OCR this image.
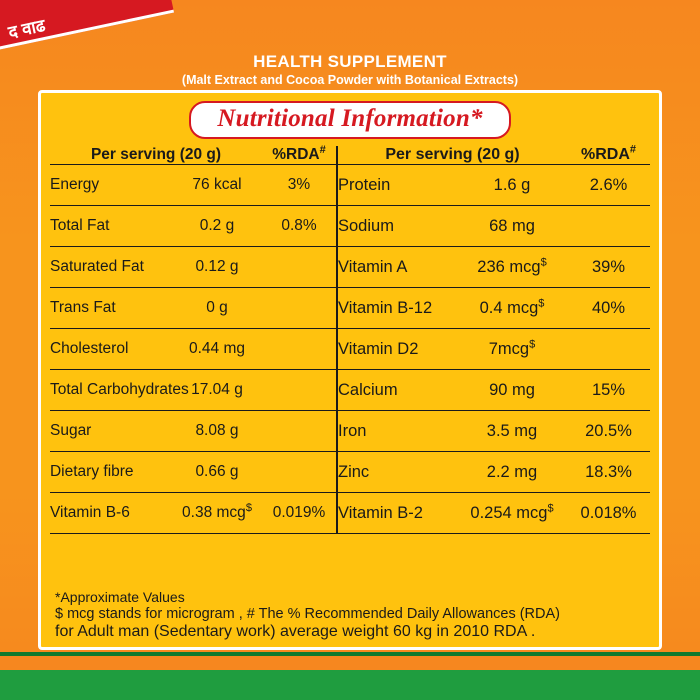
द वाढ
HEALTH SUPPLEMENT
(Malt Extract and Cocoa Powder with Botanical Extracts)
Nutritional Information*
Per serving (20 g)		%RDA#	Per serving (20 g)		%RDA#
Energy	76 kcal	3%	Protein	1.6 g	2.6%
Total Fat	0.2 g	0.8%	Sodium	68 mg	
Saturated Fat	0.12 g		Vitamin A	236 mcg$	39%
Trans Fat	0 g		Vitamin B-12	0.4 mcg$	40%
Cholesterol	0.44 mg		Vitamin D2	7mcg$	
Total Carbohydrates	17.04 g		Calcium	90 mg	15%
Sugar	8.08 g		Iron	3.5 mg	20.5%
Dietary fibre	0.66 g		Zinc	2.2 mg	18.3%
Vitamin B-6	0.38 mcg$	0.019%	Vitamin B-2	0.254 mcg$	0.018%

*Approximate Values

$ mcg stands for microgram , # The % Recommended Daily Allowances (RDA)

for Adult man (Sedentary work) average weight 60 kg in 2010 RDA .
